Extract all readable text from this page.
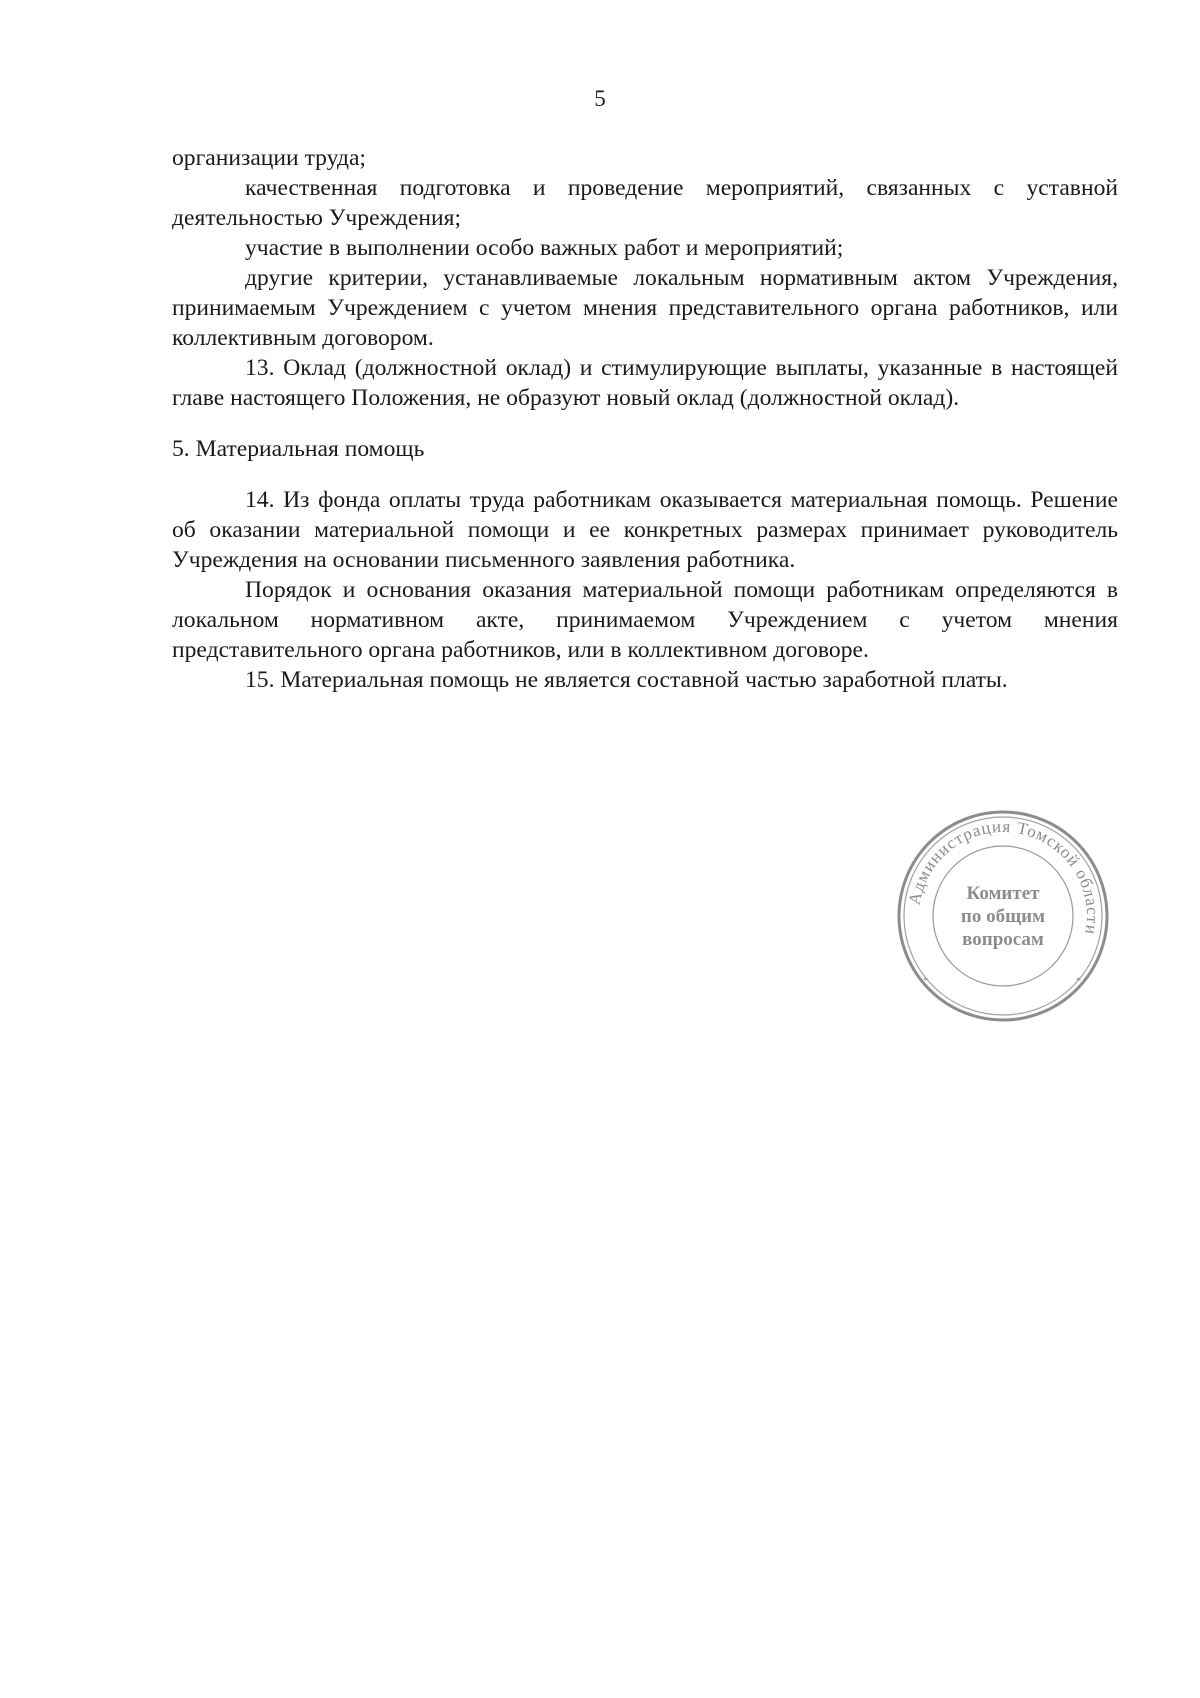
5

организации труда;

качественная подготовка и проведение мероприятий, связанных с уставной деятельностью Учреждения;

участие в выполнении особо важных работ и мероприятий;

другие критерии, устанавливаемые локальным нормативным актом Учреждения, принимаемым Учреждением с учетом мнения представительного органа работников, или коллективным договором.

13. Оклад (должностной оклад) и стимулирующие выплаты, указанные в настоящей главе настоящего Положения, не образуют новый оклад (должностной оклад).

5. Материальная помощь

14. Из фонда оплаты труда работникам оказывается материальная помощь. Решение об оказании материальной помощи и ее конкретных размерах принимает руководитель Учреждения на основании письменного заявления работника.

Порядок и основания оказания материальной помощи работникам определяются в локальном нормативном акте, принимаемом Учреждением с учетом мнения представительного органа работников, или в коллективном договоре.

15. Материальная помощь не является составной частью заработной платы.

Администрация Томской области
*	*
Комитет
по общим
вопросам
